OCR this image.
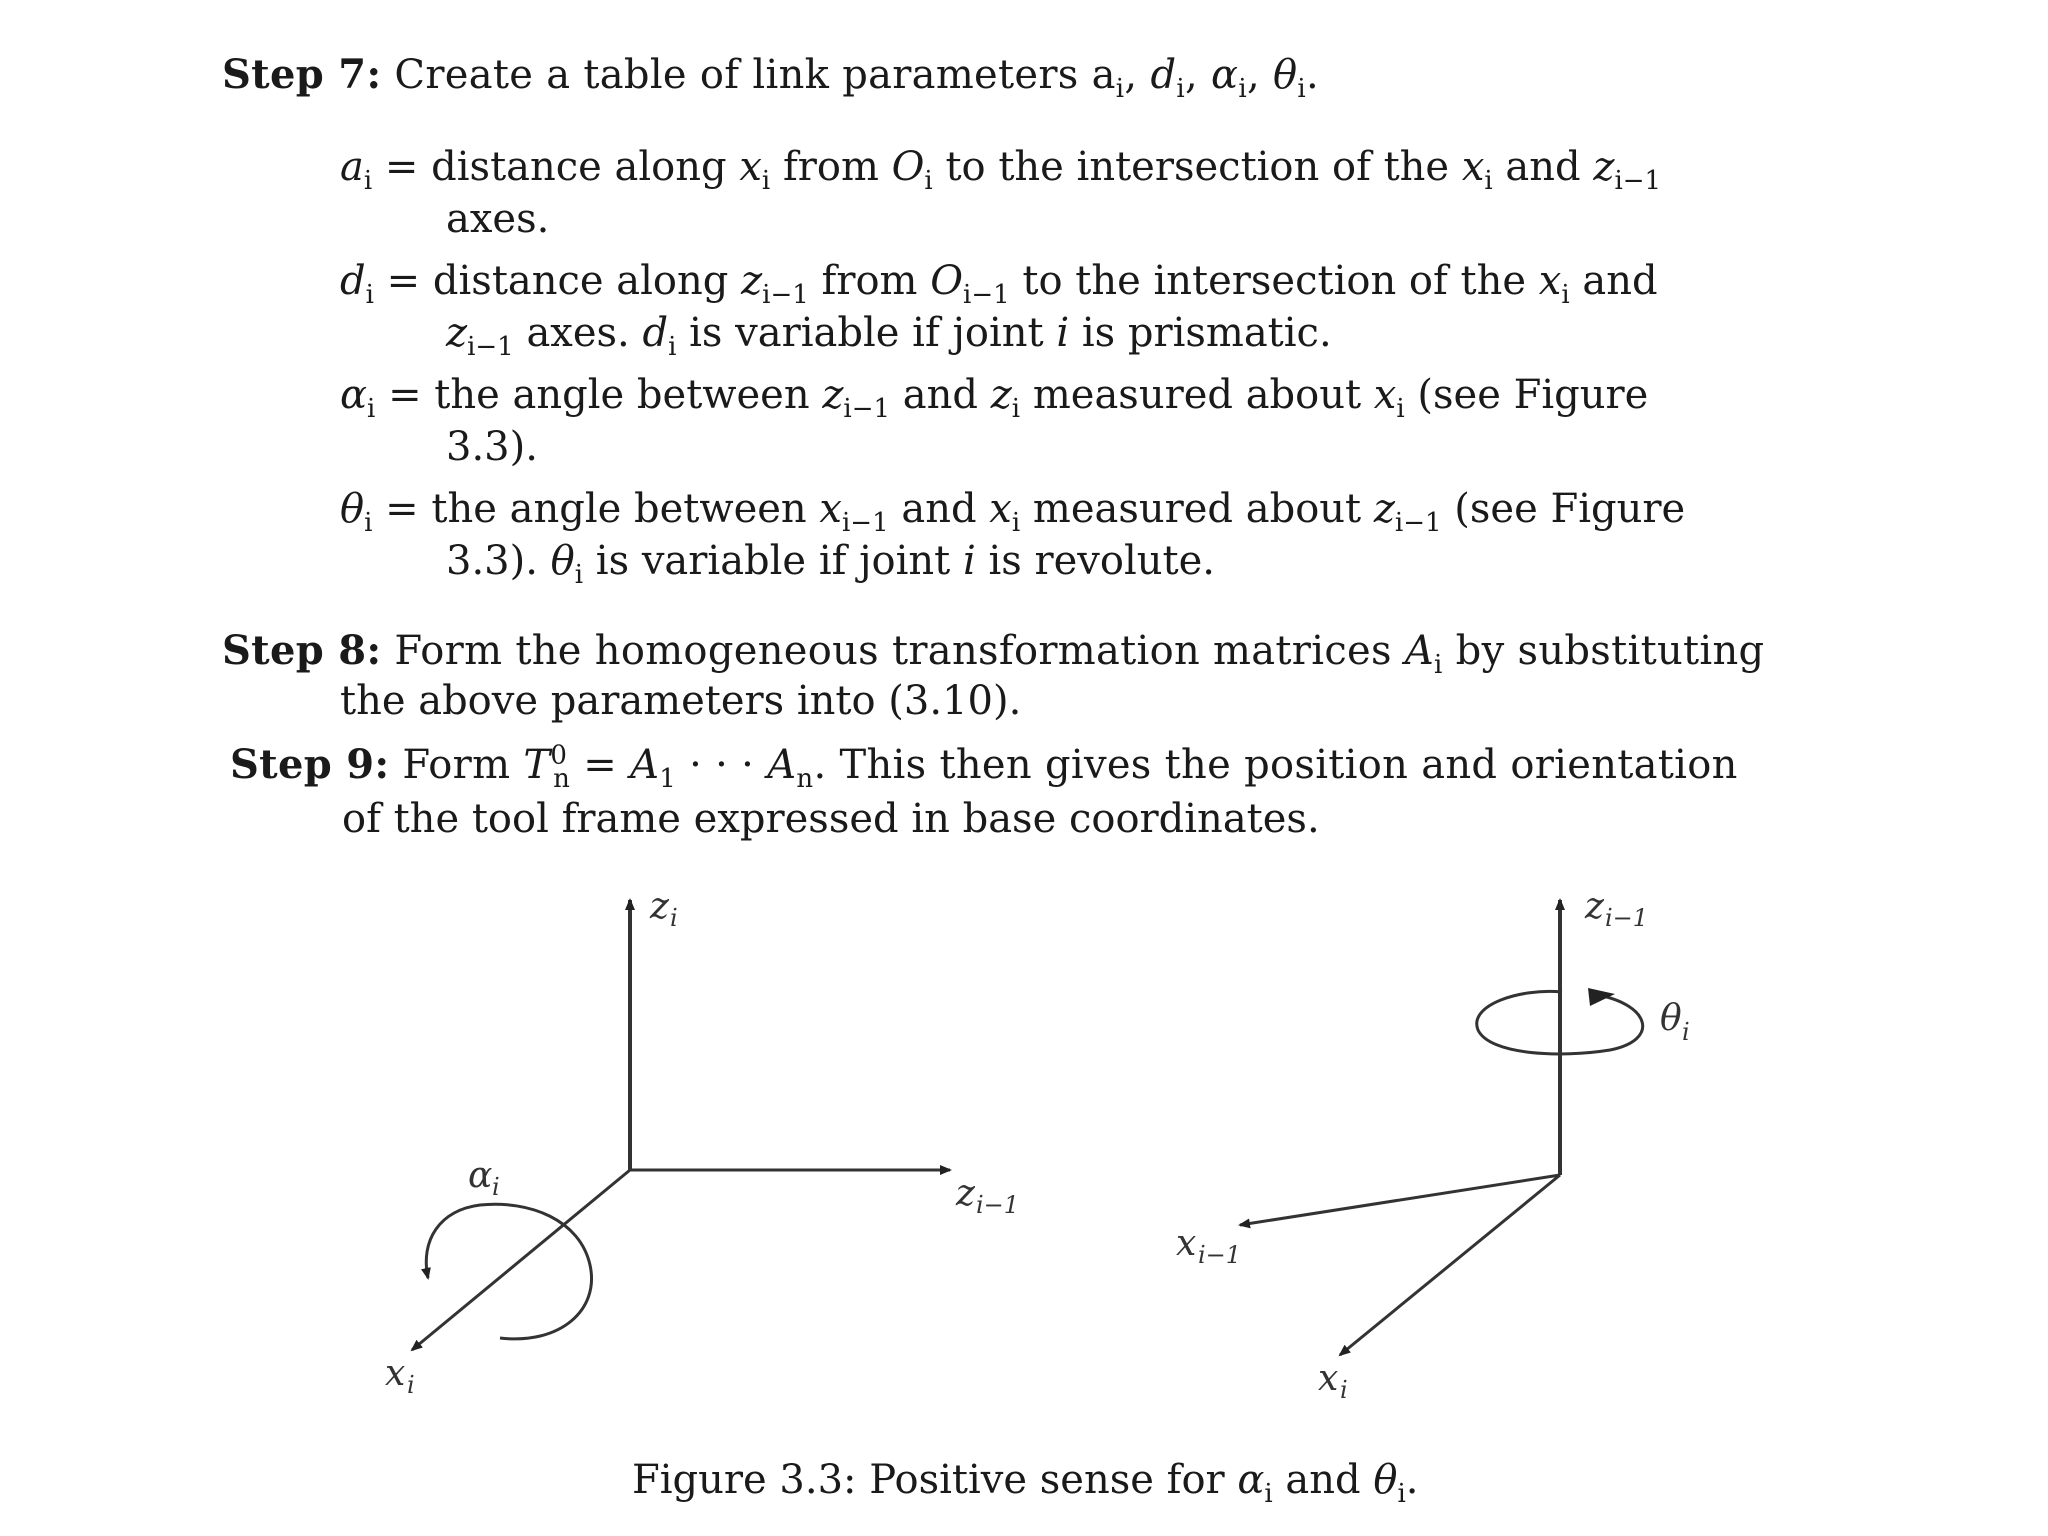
Step 7: Create a table of link parameters $a_i$, $d_i$, $\alpha_i$, $\theta_i$.
$a_i$ = distance along $x_i$ from $O_i$ to the intersection of the $x_i$ and $z_{i-1}$
axes.
$d_i$ = distance along $z_{i-1}$ from $O_{i-1}$ to the intersection of the $x_i$ and
$z_{i-1}$ axes. $d_i$ is variable if joint i is prismatic.
$\alpha_i$ = the angle between $z_{i-1}$ and $z_i$ measured about $x_i$ (see Figure
3.3).
$\theta_i$ = the angle between $x_{i-1}$ and $x_i$ measured about $z_{i-1}$ (see Figure
3.3). $\theta_i$ is variable if joint i is revolute.
Step 8: Form the homogeneous transformation matrices $A_i$ by substituting
the above parameters into (3.10).
Step 9: Form $T^0_n = A_1$ · · · $A_n$. This then gives the position and orientation
of the tool frame expressed in base coordinates.
z i
z i−1
x i
α i
z i−1
θ i
x i−1
x i
Figure 3.3: Positive sense for $\alpha_i$ and $\theta_i$.
